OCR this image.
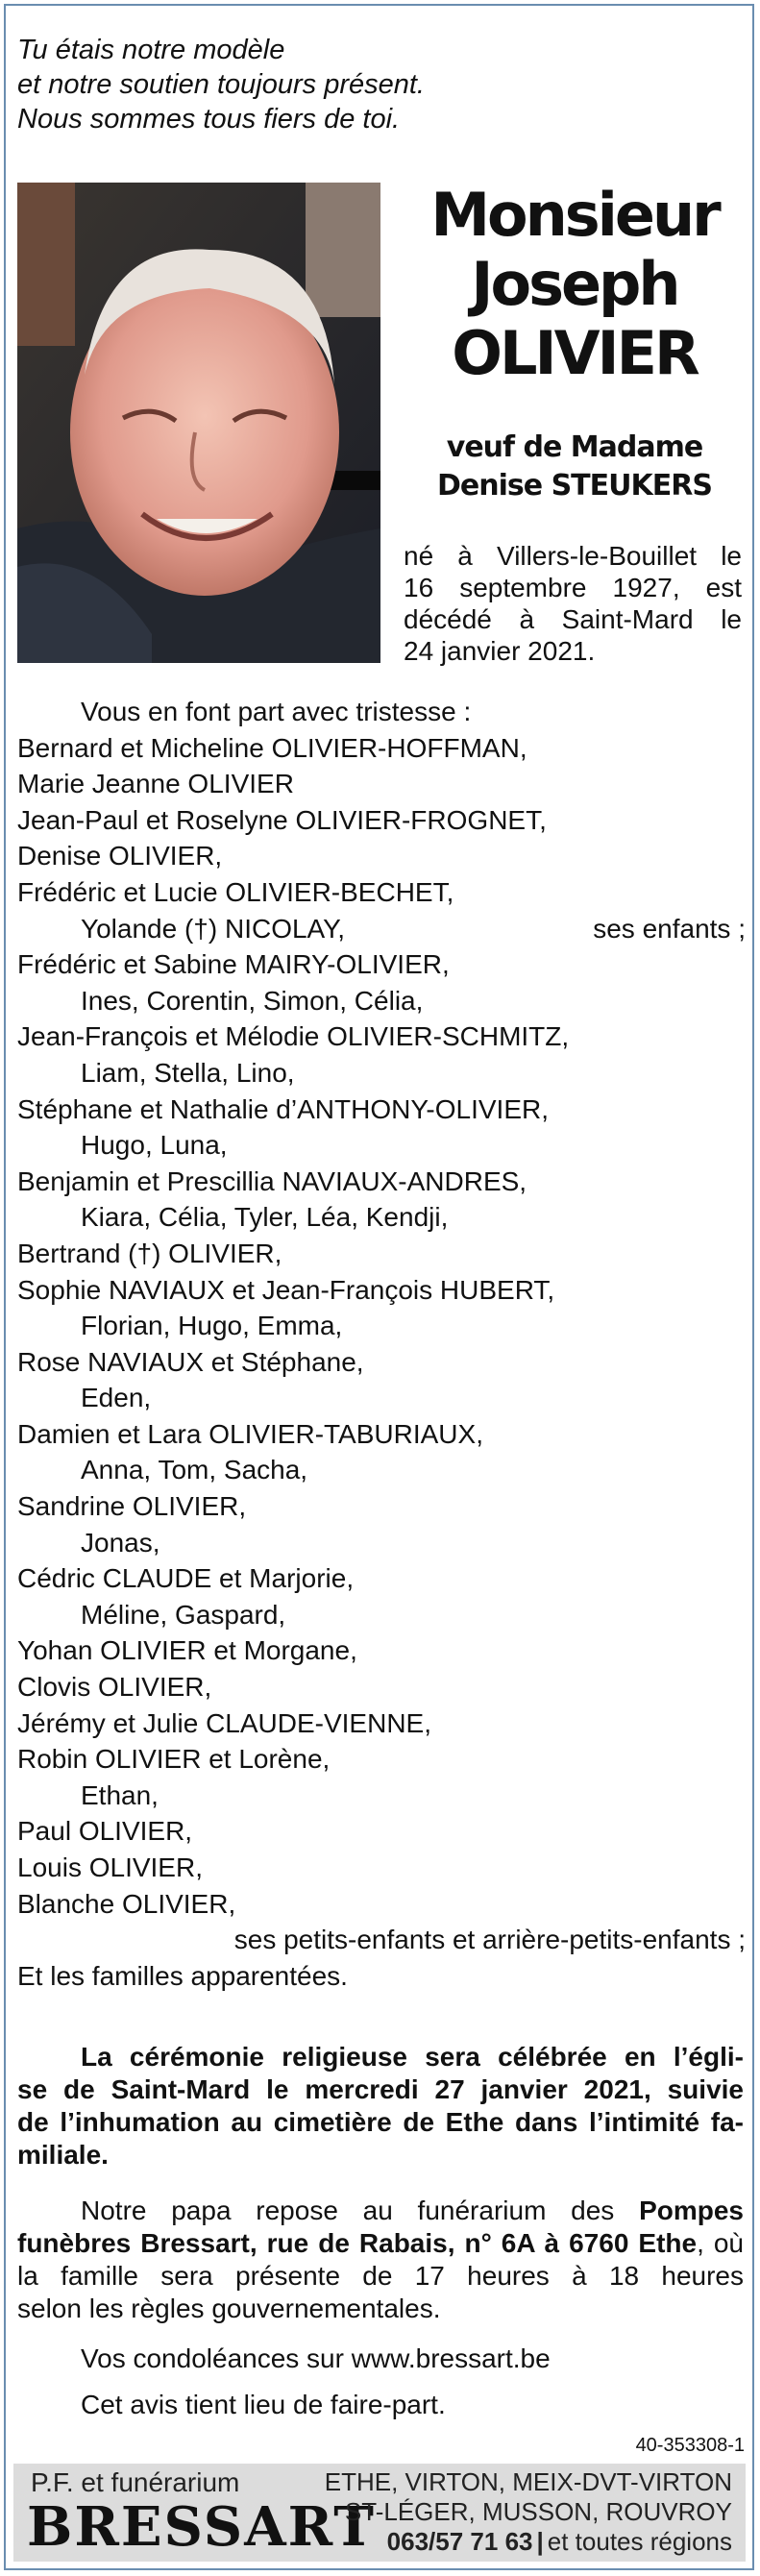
Tu étais notre modèle
et notre soutien toujours présent.
Nous sommes tous fiers de toi.
Monsieur
Joseph
OLIVIER
veuf de Madame
Denise STEUKERS
né à Villers-le-Bouillet le
16 septembre 1927, est
décédé à Saint-Mard le
24 janvier 2021.
Vous en font part avec tristesse :
Bernard et Micheline OLIVIER-HOFFMAN,
Marie Jeanne OLIVIER
Jean-Paul et Roselyne OLIVIER-FROGNET,
Denise OLIVIER,
Frédéric et Lucie OLIVIER-BECHET,
Yolande (†) NICOLAY,	ses enfants ;
Frédéric et Sabine MAIRY-OLIVIER,
Ines, Corentin, Simon, Célia,
Jean-François et Mélodie OLIVIER-SCHMITZ,
Liam, Stella, Lino,
Stéphane et Nathalie d’ANTHONY-OLIVIER,
Hugo, Luna,
Benjamin et Prescillia NAVIAUX-ANDRES,
Kiara, Célia, Tyler, Léa, Kendji,
Bertrand (†) OLIVIER,
Sophie NAVIAUX et Jean-François HUBERT,
Florian, Hugo, Emma,
Rose NAVIAUX et Stéphane,
Eden,
Damien et Lara OLIVIER-TABURIAUX,
Anna, Tom, Sacha,
Sandrine OLIVIER,
Jonas,
Cédric CLAUDE et Marjorie,
Méline, Gaspard,
Yohan OLIVIER et Morgane,
Clovis OLIVIER,
Jérémy et Julie CLAUDE-VIENNE,
Robin OLIVIER et Lorène,
Ethan,
Paul OLIVIER,
Louis OLIVIER,
Blanche OLIVIER,
ses petits-enfants et arrière-petits-enfants ;
Et les familles apparentées.
La cérémonie religieuse sera célébrée en l’égli-
se de Saint-Mard le mercredi 27 janvier 2021, suivie
de l’inhumation au cimetière de Ethe dans l’intimité fa-
miliale.
Notre papa repose au funérarium des Pompes
funèbres Bressart, rue de Rabais, n° 6A à 6760 Ethe, où
la famille sera présente de 17 heures à 18 heures
selon les règles gouvernementales.
Vos condoléances sur www.bressart.be
Cet avis tient lieu de faire-part.
40-353308-1
P.F. et funérarium
BRESSART
ETHE, VIRTON, MEIX-DVT-VIRTON
ST-LÉGER, MUSSON, ROUVROY
063/57 71 63 | et toutes régions
